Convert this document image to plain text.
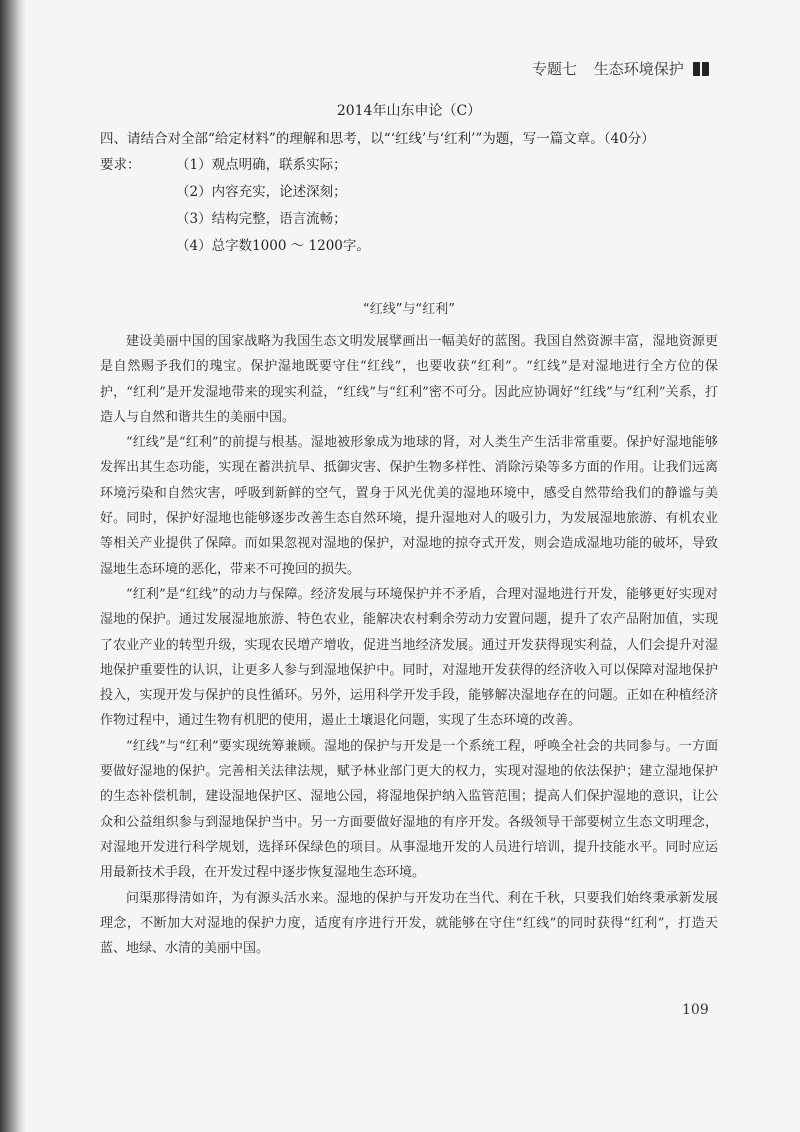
专题七 生态环境保护

2014年山东申论（C）

四、请结合对全部“给定材料”的理解和思考，以“‘红线’与‘红利’”为题，写一篇文章。（40分）

要求：	（1）观点明确，联系实际；
（2）内容充实，论述深刻；
（3）结构完整，语言流畅；
（4）总字数1000 ～ 1200字。

“红线”与“红利”

建设美丽中国的国家战略为我国生态文明发展擘画出一幅美好的蓝图。我国自然资源丰富，湿地资源更是自然赐予我们的瑰宝。保护湿地既要守住“红线”，也要收获“红利”。“红线”是对湿地进行全方位的保护，“红利”是开发湿地带来的现实利益，“红线”与“红利”密不可分。因此应协调好“红线”与“红利”关系，打造人与自然和谐共生的美丽中国。

“红线”是“红利”的前提与根基。湿地被形象成为地球的肾，对人类生产生活非常重要。保护好湿地能够发挥出其生态功能，实现在蓄洪抗旱、抵御灾害、保护生物多样性、消除污染等多方面的作用。让我们远离环境污染和自然灾害，呼吸到新鲜的空气，置身于风光优美的湿地环境中，感受自然带给我们的静谧与美好。同时，保护好湿地也能够逐步改善生态自然环境，提升湿地对人的吸引力，为发展湿地旅游、有机农业等相关产业提供了保障。而如果忽视对湿地的保护，对湿地的掠夺式开发，则会造成湿地功能的破坏，导致湿地生态环境的恶化，带来不可挽回的损失。

“红利”是“红线”的动力与保障。经济发展与环境保护并不矛盾，合理对湿地进行开发，能够更好实现对湿地的保护。通过发展湿地旅游、特色农业，能解决农村剩余劳动力安置问题，提升了农产品附加值，实现了农业产业的转型升级，实现农民增产增收，促进当地经济发展。通过开发获得现实利益，人们会提升对湿地保护重要性的认识，让更多人参与到湿地保护中。同时，对湿地开发获得的经济收入可以保障对湿地保护投入，实现开发与保护的良性循环。另外，运用科学开发手段，能够解决湿地存在的问题。正如在种植经济作物过程中，通过生物有机肥的使用，遏止土壤退化问题，实现了生态环境的改善。

“红线”与“红利”要实现统筹兼顾。湿地的保护与开发是一个系统工程，呼唤全社会的共同参与。一方面要做好湿地的保护。完善相关法律法规，赋予林业部门更大的权力，实现对湿地的依法保护；建立湿地保护的生态补偿机制，建设湿地保护区、湿地公园，将湿地保护纳入监管范围；提高人们保护湿地的意识，让公众和公益组织参与到湿地保护当中。另一方面要做好湿地的有序开发。各级领导干部要树立生态文明理念，对湿地开发进行科学规划，选择环保绿色的项目。从事湿地开发的人员进行培训，提升技能水平。同时应运用最新技术手段，在开发过程中逐步恢复湿地生态环境。

问渠那得清如许，为有源头活水来。湿地的保护与开发功在当代、利在千秋，只要我们始终秉承新发展理念，不断加大对湿地的保护力度，适度有序进行开发，就能够在守住“红线”的同时获得“红利”，打造天蓝、地绿、水清的美丽中国。

109
